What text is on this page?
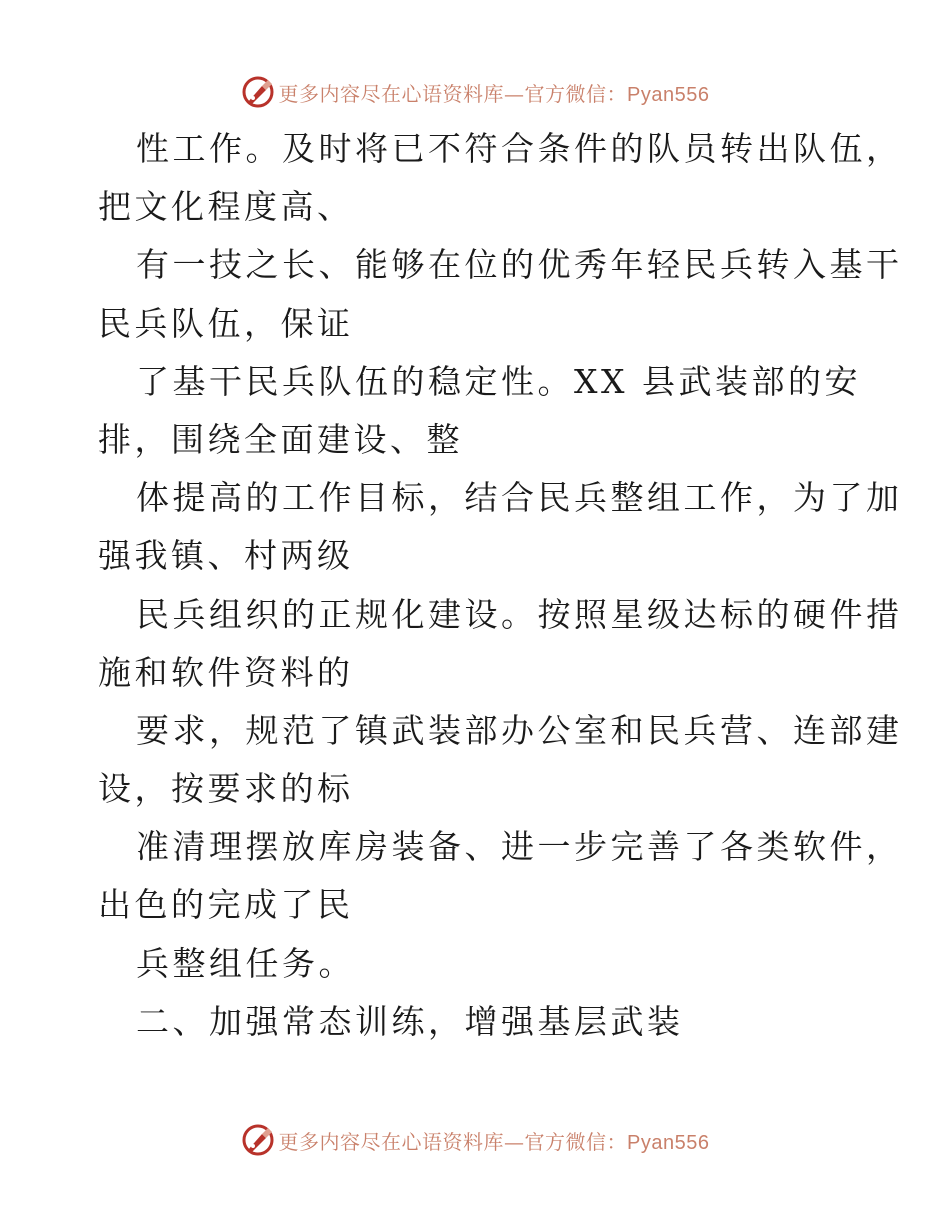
更多内容尽在心语资料库—官方微信：Pyan556
性工作。及时将已不符合条件的队员转出队伍，
把文化程度高、
有一技之长、能够在位的优秀年轻民兵转入基干
民兵队伍，保证
了基干民兵队伍的稳定性。XX 县武装部的安
排，围绕全面建设、整
体提高的工作目标，结合民兵整组工作，为了加
强我镇、村两级
民兵组织的正规化建设。按照星级达标的硬件措
施和软件资料的
要求，规范了镇武装部办公室和民兵营、连部建
设，按要求的标
准清理摆放库房装备、进一步完善了各类软件，
出色的完成了民
兵整组任务。
二、加强常态训练，增强基层武装
更多内容尽在心语资料库—官方微信：Pyan556
